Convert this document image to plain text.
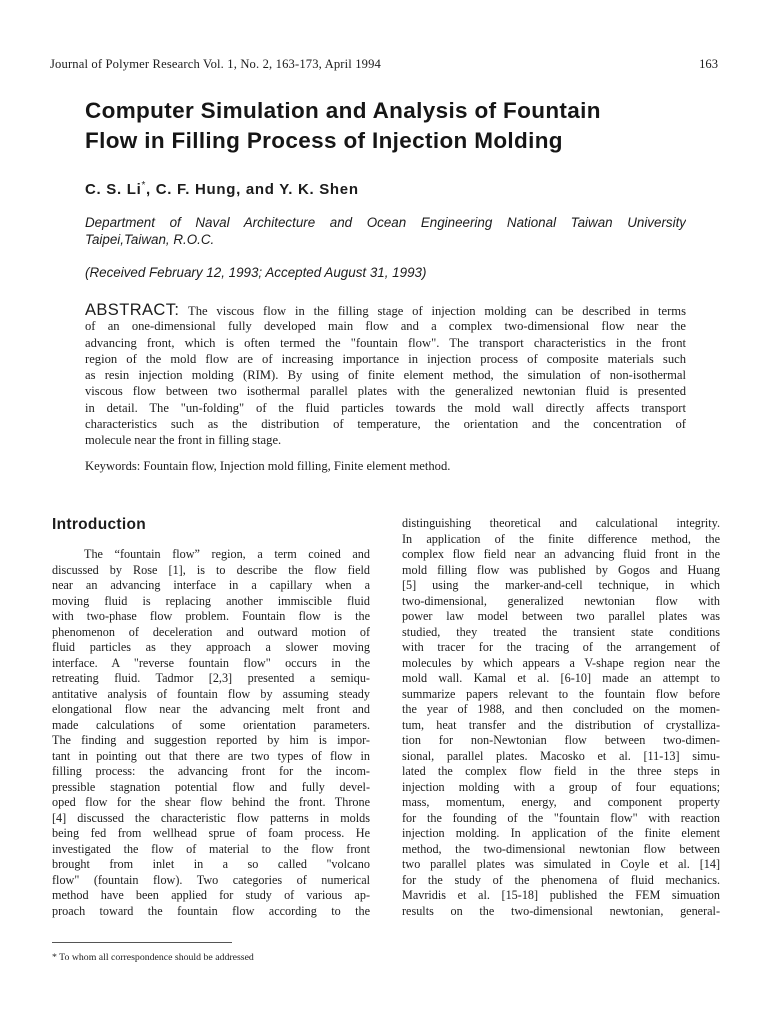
Journal of Polymer Research Vol. 1, No. 2, 163-173, April 1994	163
Computer Simulation and Analysis of Fountain
Flow in Filling Process of Injection Molding
C. S. Li*, C. F. Hung, and Y. K. Shen
Department of Naval Architecture and Ocean Engineering National Taiwan University
Taipei,Taiwan, R.O.C.
(Received February 12, 1993; Accepted August 31, 1993)
ABSTRACT: The viscous flow in the filling stage of injection molding can be described in terms
of an one-dimensional fully developed main flow and a complex two-dimensional flow near the
advancing front, which is often termed the "fountain flow". The transport characteristics in the front
region of the mold flow are of increasing importance in injection process of composite materials such
as resin injection molding (RIM). By using of finite element method, the simulation of non-isothermal
viscous flow between two isothermal parallel plates with the generalized newtonian fluid is presented
in detail. The "un-folding" of the fluid particles towards the mold wall directly affects transport
characteristics such as the distribution of temperature, the orientation and the concentration of
molecule near the front in filling stage.
Keywords: Fountain flow, Injection mold filling, Finite element method.
Introduction
The “fountain flow” region, a term coined and
discussed by Rose [1], is to describe the flow field
near an advancing interface in a capillary when a
moving fluid is replacing another immiscible fluid
with two-phase flow problem. Fountain flow is the
phenomenon of deceleration and outward motion of
fluid particles as they approach a slower moving
interface. A "reverse fountain flow" occurs in the
retreating fluid. Tadmor [2,3] presented a semiqu-
antitative analysis of fountain flow by assuming steady
elongational flow near the advancing melt front and
made calculations of some orientation parameters.
The finding and suggestion reported by him is impor-
tant in pointing out that there are two types of flow in
filling process: the advancing front for the incom-
pressible stagnation potential flow and fully devel-
oped flow for the shear flow behind the front. Throne
[4] discussed the characteristic flow patterns in molds
being fed from wellhead sprue of foam process. He
investigated the flow of material to the flow front
brought from inlet in a so called "volcano
flow" (fountain flow). Two categories of numerical
method have been applied for study of various ap-
proach toward the fountain flow according to the
distinguishing theoretical and calculational integrity.
In application of the finite difference method, the
complex flow field near an advancing fluid front in the
mold filling flow was published by Gogos and Huang
[5] using the marker-and-cell technique, in which
two-dimensional, generalized newtonian flow with
power law model between two parallel plates was
studied, they treated the transient state conditions
with tracer for the tracing of the arrangement of
molecules by which appears a V-shape region near the
mold wall. Kamal et al. [6-10] made an attempt to
summarize papers relevant to the fountain flow before
the year of 1988, and then concluded on the momen-
tum, heat transfer and the distribution of crystalliza-
tion for non-Newtonian flow between two-dimen-
sional, parallel plates. Macosko et al. [11-13] simu-
lated the complex flow field in the three steps in
injection molding with a group of four equations;
mass, momentum, energy, and component property
for the founding of the "fountain flow" with reaction
injection molding. In application of the finite element
method, the two-dimensional newtonian flow between
two parallel plates was simulated in Coyle et al. [14]
for the study of the phenomena of fluid mechanics.
Mavridis et al. [15-18] published the FEM simuation
results on the two-dimensional newtonian, general-
* To whom all correspondence should be addressed
